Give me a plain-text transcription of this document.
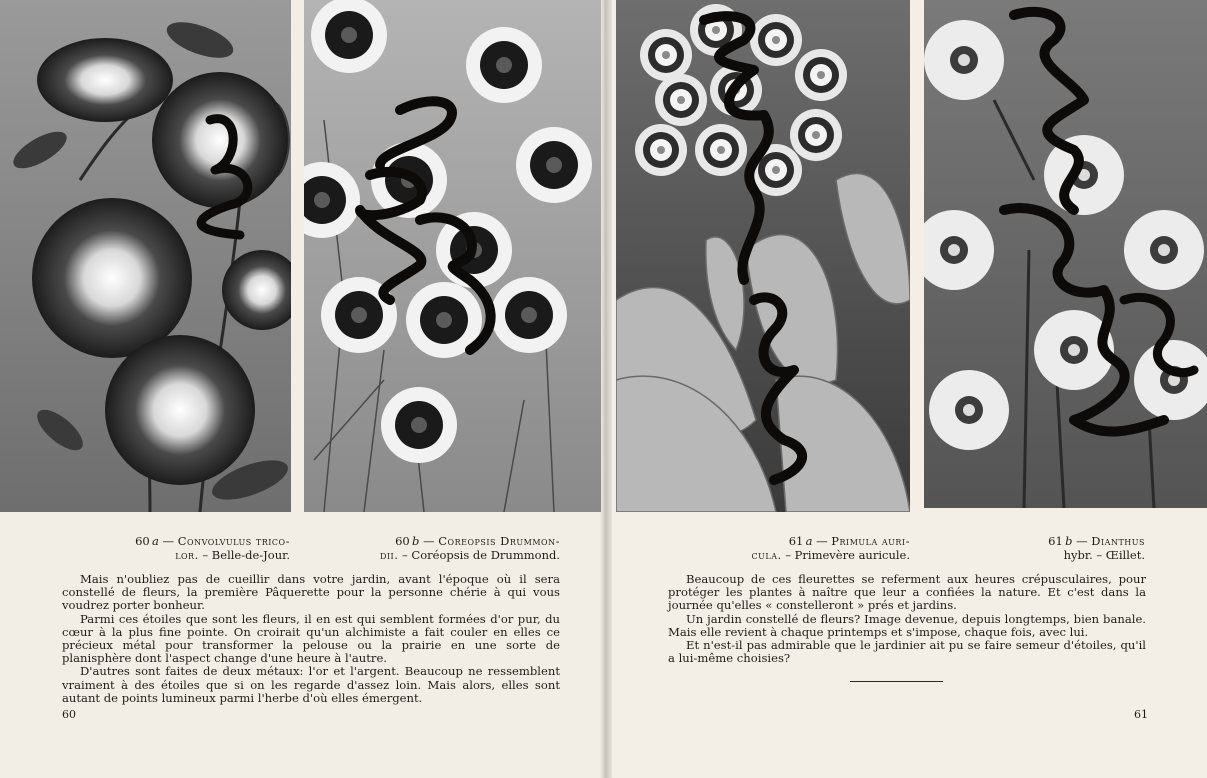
60  a — Convolvulus trico-
lor. – Belle-de-Jour.
60  b — Coreopsis Drummon-
dii. – Coréopsis de Drummond.

Mais n'oubliez pas de cueillir dans votre jardin, avant l'époque où il sera constellé de fleurs, la première Pâquerette pour la personne chérie à qui vous voudrez porter bonheur.

Parmi ces étoiles que sont les fleurs, il en est qui semblent formées d'or pur, du cœur à la plus fine pointe. On croirait qu'un alchimiste a fait couler en elles ce précieux métal pour transformer la pelouse ou la prairie en une sorte de planisphère dont l'aspect change d'une heure à l'autre.

D'autres sont faites de deux métaux: l'or et l'argent. Beaucoup ne ressemblent vraiment à des étoiles que si on les regarde d'assez loin. Mais alors, elles sont autant de points lumineux parmi l'herbe d'où elles émergent.

60
61  a — Primula auri-
cula. – Primevère auricule.
61  b — Dianthus
hybr. – Œillet.

Beaucoup de ces fleurettes se referment aux heures crépusculaires, pour protéger les plantes à naître que leur a confiées la nature. Et c'est dans la journée qu'elles « constelleront » prés et jardins.

Un jardin constellé de fleurs? Image devenue, depuis longtemps, bien banale. Mais elle revient à chaque printemps et s'impose, chaque fois, avec lui.

Et n'est-il pas admirable que le jardinier ait pu se faire semeur d'étoiles, qu'il a lui-même choisies?

61
